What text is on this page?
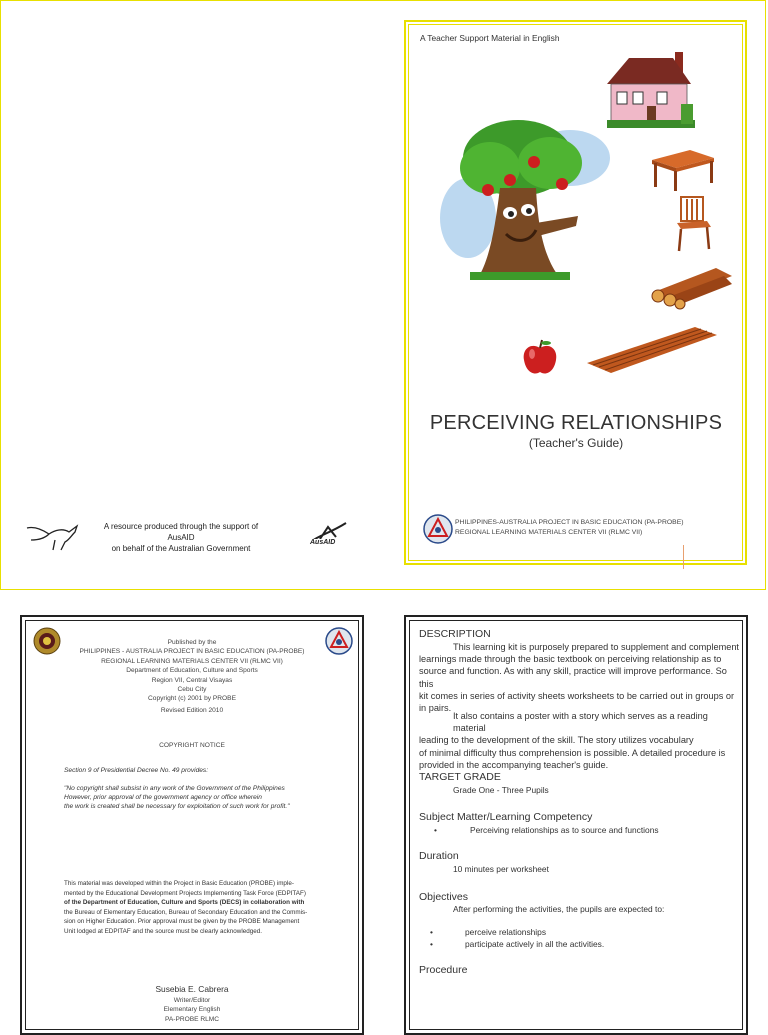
A resource produced through the support of AusAID
on behalf of the Australian Government
AusAID
A Teacher Support Material in English
PERCEIVING RELATIONSHIPS
(Teacher's Guide)
PHILIPPINES-AUSTRALIA PROJECT IN BASIC EDUCATION (PA-PROBE)
REGIONAL LEARNING MATERIALS CENTER VII (RLMC VII)
Published by the
PHILIPPINES - AUSTRALIA PROJECT IN BASIC EDUCATION (PA-PROBE)
REGIONAL LEARNING MATERIALS CENTER VII (RLMC VII)
Department of Education, Culture and Sports
Region VII, Central Visayas
Cebu City
Copyright (c) 2001 by PROBE
Revised Edition 2010
COPYRIGHT NOTICE
Section 9 of Presidential Decree No. 49 provides:
"No copyright shall subsist in any work of the Government of the Philippines
However, prior approval of the government agency or office wherein
the work is created shall be necessary for exploitation of such work for profit."
This material was developed within the Project in Basic Education (PROBE) imple-
mented by the Educational Development Projects Implementing Task Force (EDPITAF)
of the Department of Education, Culture and Sports (DECS) in collaboration with
the Bureau of Elementary Education, Bureau of Secondary Education and the Commis-
sion on Higher Education. Prior approval must be given by the PROBE Management
Unit lodged at EDPITAF and the source must be clearly acknowledged.
Susebia E. Cabrera
Writer/Editor
Elementary English
PA-PROBE RLMC
DESCRIPTION
This learning kit is purposely prepared to supplement and complement
learnings made through the basic textbook on perceiving relationship as to
source and function. As with any skill, practice will improve performance. So this
kit comes in series of activity sheets worksheets to be carried out in groups or
in pairs.
It also contains a poster with a story which serves as a reading material
leading to the development of the skill. The story utilizes vocabulary
of minimal difficulty thus comprehension is possible. A detailed procedure is
provided in the accompanying teacher's guide.
TARGET GRADE
Grade One - Three Pupils
Subject Matter/Learning Competency
•	Perceiving relationships as to source and functions
Duration
10 minutes per worksheet
Objectives
After performing the activities, the pupils are expected to:
•	perceive relationships
•	participate actively in all the activities.
Procedure
